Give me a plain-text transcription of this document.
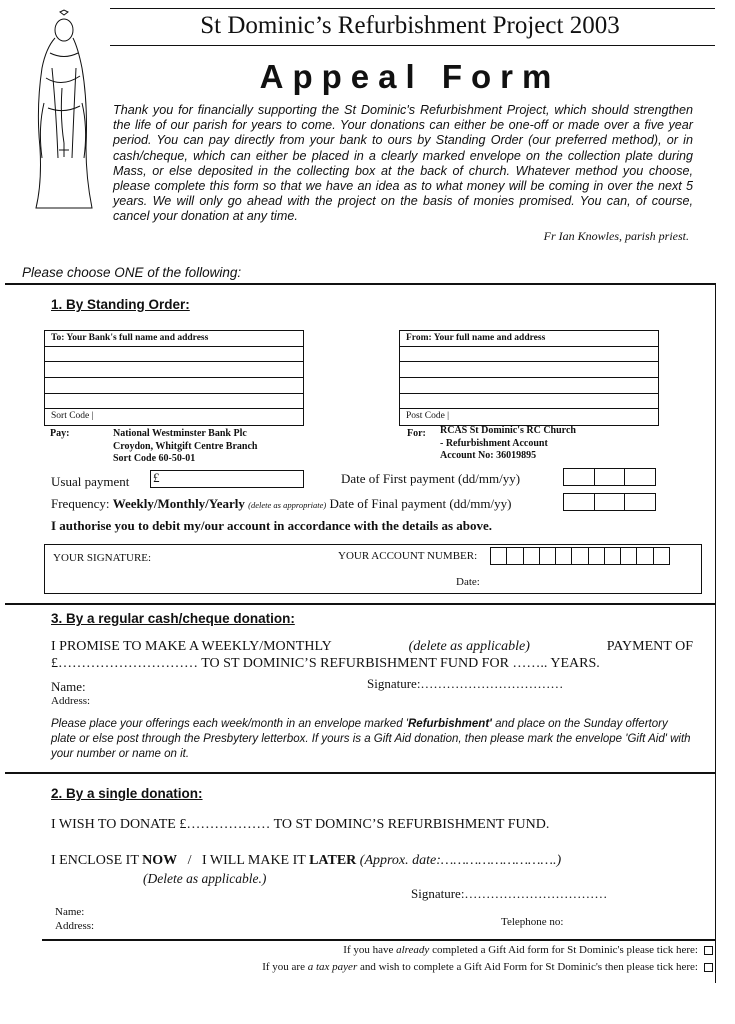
St Dominic’s Refurbishment Project 2003
Appeal Form
Thank you for financially supporting the St Dominic's Refurbishment Project, which should strengthen the life of our parish for years to come. Your donations can either be one-off or made over a five year period. You can pay directly from your bank to ours by Standing Order (our preferred method), or in cash/cheque, which can either be placed in a clearly marked envelope on the collection plate during Mass, or else deposited in the collecting box at the back of church. Whatever method you choose, please complete this form so that we have an idea as to what money will be coming in over the next 5 years. We will only go ahead with the project on the basis of monies promised. You can, of course, cancel your donation at any time.
Fr Ian Knowles, parish priest.
Please choose ONE of the following:
1. By Standing Order:
To: Your Bank's full name and address
Sort Code |
From: Your full name and address
Post Code |
Pay:	National Westminster Bank Plc
Croydon, Whitgift Centre Branch
Sort Code 60-50-01
For: RCAS St Dominic's RC Church
- Refurbishment Account
Account No: 36019895
Usual payment £	Date of First payment (dd/mm/yy)
Frequency: Weekly/Monthly/Yearly (delete as appropriate) Date of Final payment (dd/mm/yy)
I authorise you to debit my/our account in accordance with the details as above.
YOUR SIGNATURE:	YOUR ACCOUNT NUMBER:
Date:
3. By a regular cash/cheque donation:
I PROMISE TO MAKE A WEEKLY/MONTHLY	(delete as applicable)	PAYMENT OF
£………………………… TO ST DOMINIC’S REFURBISHMENT FUND FOR …….. YEARS.
Name:	Signature:……………………………
Address:
Please place your offerings each week/month in an envelope marked 'Refurbishment' and place on the Sunday offertory plate or else post through the Presbytery letterbox. If yours is a Gift Aid donation, then please mark the envelope 'Gift Aid' with your number or name on it.
2. By a single donation:
I WISH TO DONATE £……………… TO ST DOMINC’S REFURBISHMENT FUND.
I ENCLOSE IT NOW / I WILL MAKE IT LATER (Approx. date:……………………….)
(Delete as applicable.)
Signature:……………………………
Name:
Address:	Telephone no:
If you have already completed a Gift Aid form for St Dominic's please tick here:
If you are a tax payer and wish to complete a Gift Aid Form for St Dominic's then please tick here:
